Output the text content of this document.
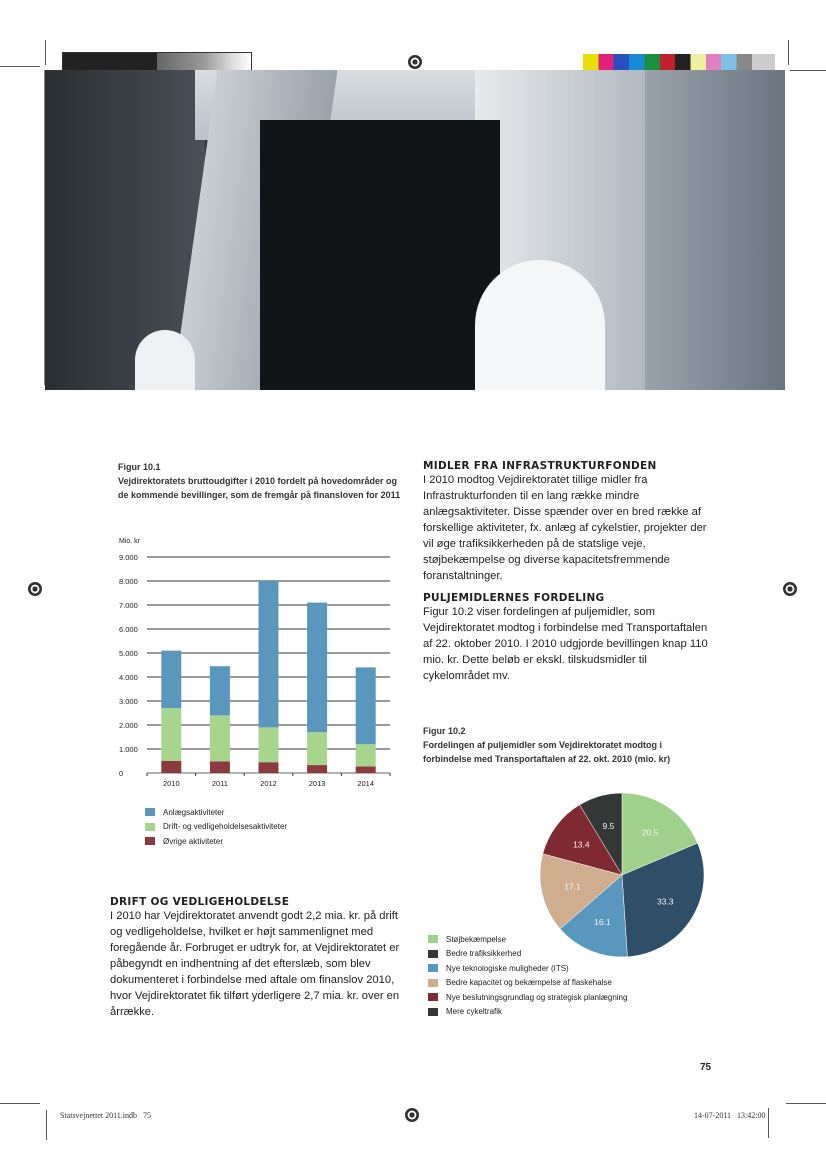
Figur 10.1
Vejdirektoratets bruttoudgifter i 2010 fordelt på hovedområder og de kommende bevillinger, som de fremgår på finansloven for 2011
Mio. kr
0
1.000
2.000
3.000
4.000
5.000
6.000
7.000
8.000
9.000
2010	2011	2012	2013	2014
Anlægsaktiviteter
Drift- og vedligeholdelsesaktiviteter
Øvrige aktiviteter
MIDLER FRA INFRASTRUKTURFONDEN
I 2010 modtog Vejdirektoratet tillige midler fra Infrastrukturfonden til en lang række mindre anlægsaktiviteter. Disse spænder over en bred række af forskellige aktiviteter, fx. anlæg af cykelstier, projekter der vil øge trafiksikkerheden på de statslige veje, støjbekæmpelse og diverse kapacitetsfremmende foranstaltninger.
PULJEMIDLERNES FORDELING
Figur 10.2 viser fordelingen af puljemidler, som Vejdirektoratet modtog i forbindelse med Transportaftalen af 22. oktober 2010. I 2010 udgjorde bevillingen knap 110 mio. kr. Dette beløb er ekskl. tilskudsmidler til cykelområdet mv.
Figur 10.2
Fordelingen af puljemidler som Vejdirektoratet modtog i forbindelse med Transportaftalen af 22. okt. 2010 (mio. kr)
20.5
33.3
16.1
17.1
13.4
9.5
Støjbekæmpelse
Bedre trafiksikkerhed
Nye teknologiske muligheder (ITS)
Bedre kapacitet og bekæmpelse af flaskehalse
Nye beslutningsgrundlag og strategisk planlægning
Mere cykeltrafik
DRIFT OG VEDLIGEHOLDELSE
I 2010 har Vejdirektoratet anvendt godt 2,2 mia. kr. på drift og vedligeholdelse, hvilket er højt sammenlignet med foregående år. Forbruget er udtryk for, at Vejdirektoratet er påbegyndt en indhentning af det efterslæb, som blev dokumenteret i forbindelse med aftale om finanslov 2010, hvor Vejdirektoratet fik tilført yderligere 2,7 mia. kr. over en årrække.
75
Statsvejnettet 2011.indb   75	14-07-2011   13:42:00
